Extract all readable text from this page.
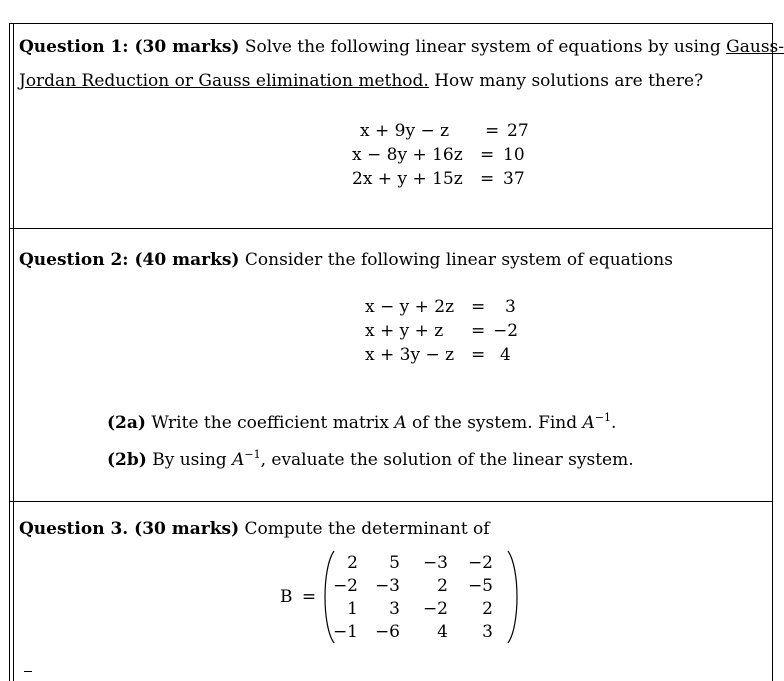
Question 1: (30 marks) Solve the following linear system of equations by using Gauss-
Jordan Reduction or Gauss elimination method. How many solutions are there?
x + 9y − z = 27
x − 8y + 16z = 10
2x + y + 15z = 37
Question 2: (40 marks) Consider the following linear system of equations
x − y + 2z = 3
x + y + z = −2
x + 3y − z = 4
(2a) Write the coefficient matrix A of the system. Find $A^{-1}$.
(2b) By using $A^{-1}$, evaluate the solution of the linear system.
Question 3. (30 marks) Compute the determinant of
B =
2	5 −3 −2
−2 −3	2 −5
1	3 −2	2
−1 −6	4	3
